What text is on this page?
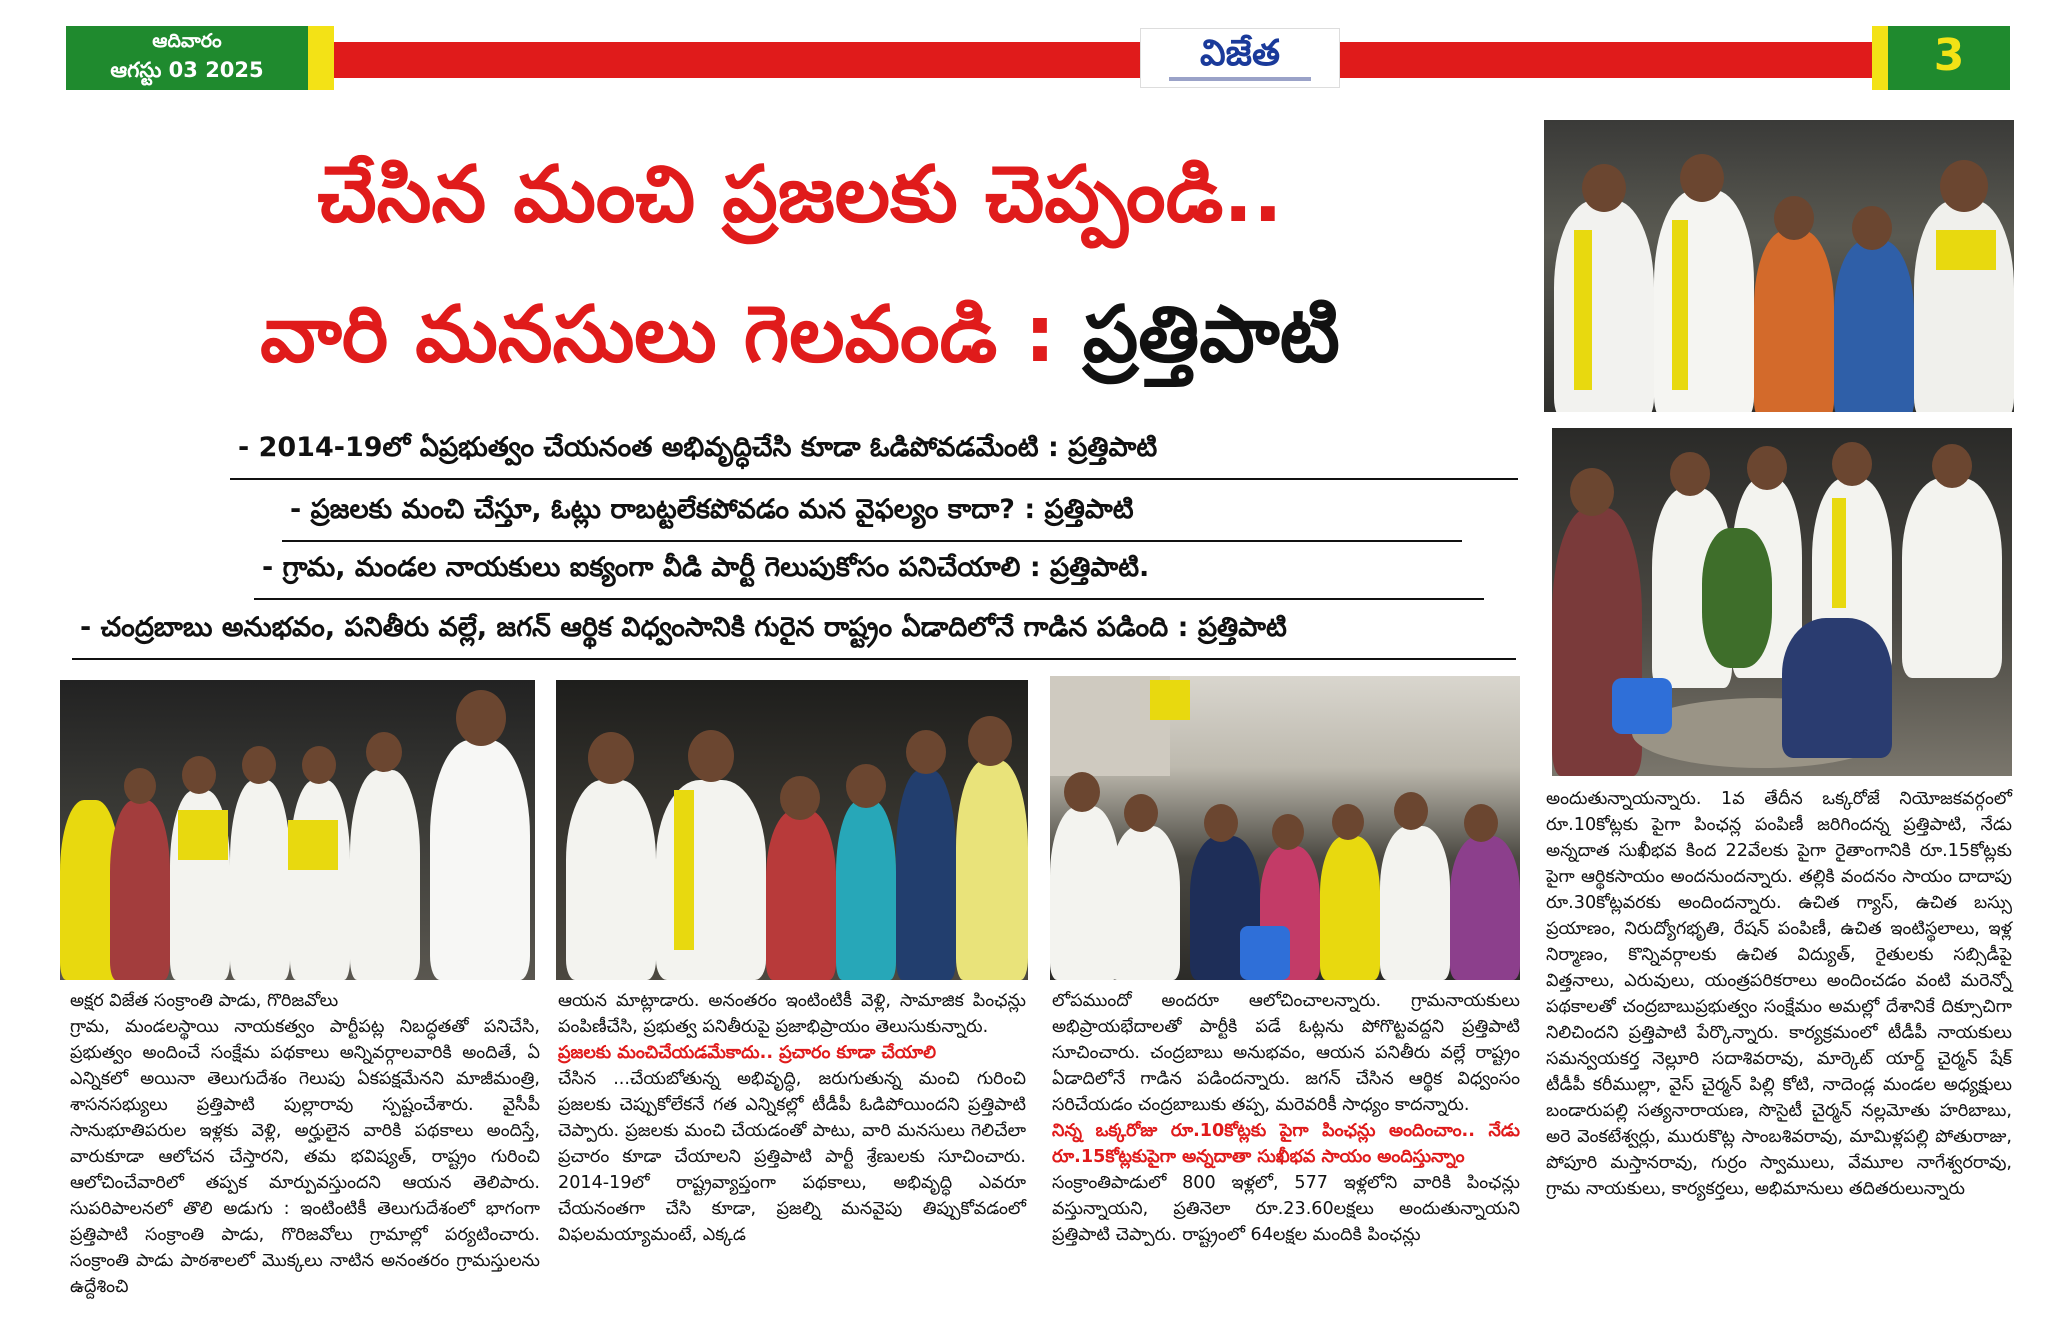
ఆదివారం
ఆగస్టు 03 2025	విజేత	3
చేసిన మంచి ప్రజలకు చెప్పండి..
వారి మనసులు గెలవండి : ప్రత్తిపాటి
- 2014-19లో ఏప్రభుత్వం చేయనంత అభివృద్ధిచేసి కూడా ఓడిపోవడమేంటి : ప్రత్తిపాటి
- ప్రజలకు మంచి చేస్తూ, ఓట్లు రాబట్టలేకపోవడం మన వైఫల్యం కాదా? : ప్రత్తిపాటి
- గ్రామ, మండల నాయకులు ఐక్యంగా వీడి పార్టీ గెలుపుకోసం పనిచేయాలి : ప్రత్తిపాటి.
- చంద్రబాబు అనుభవం, పనితీరు వల్లే, జగన్ ఆర్థిక విధ్వంసానికి గురైన రాష్ట్రం ఏడాదిలోనే గాడిన పడింది : ప్రత్తిపాటి

అక్షర విజేత సంక్రాంతి పాడు, గొరిజవోలు

గ్రామ, మండలస్థాయి నాయకత్వం పార్టీపట్ల నిబద్ధతతో పనిచేసి, ప్రభుత్వం అందించే సంక్షేమ పథకాలు అన్నివర్గాలవారికి అందితే, ఏ ఎన్నికలో అయినా తెలుగుదేశం గెలుపు ఏకపక్షమేనని మాజీమంత్రి, శాసనసభ్యులు ప్రత్తిపాటి పుల్లారావు స్పష్టంచేశారు. వైసీపీ సానుభూతిపరుల ఇళ్లకు వెళ్లి, అర్హులైన వారికి పథకాలు అందిస్తే, వారుకూడా ఆలోచన చేస్తారని, తమ భవిష్యత్, రాష్ట్రం గురించి ఆలోచించేవారిలో తప్పక మార్పువస్తుందని ఆయన తెలిపారు. సుపరిపాలనలో తొలి అడుగు : ఇంటింటికీ తెలుగుదేశంలో భాగంగా ప్రత్తిపాటి సంక్రాంతి పాడు, గొరిజవోలు గ్రామాల్లో పర్యటించారు. సంక్రాంతి పాడు పాఠశాలలో మొక్కలు నాటిన అనంతరం గ్రామస్తులను ఉద్దేశించి

ఆయన మాట్లాడారు. అనంతరం ఇంటింటికీ వెళ్లి, సామాజిక పింఛన్లు పంపిణీచేసి, ప్రభుత్వ పనితీరుపై ప్రజాభిప్రాయం తెలుసుకున్నారు.

ప్రజలకు మంచిచేయడమేకాదు.. ప్రచారం కూడా చేయాలి

చేసిన ...చేయబోతున్న అభివృద్ధి, జరుగుతున్న మంచి గురించి ప్రజలకు చెప్పుకోలేకనే గత ఎన్నికల్లో టీడీపీ ఓడిపోయిందని ప్రత్తిపాటి చెప్పారు. ప్రజలకు మంచి చేయడంతో పాటు, వారి మనసులు గెలిచేలా ప్రచారం కూడా చేయాలని ప్రత్తిపాటి పార్టీ శ్రేణులకు సూచించారు. 2014-19లో రాష్ట్రవ్యాప్తంగా పథకాలు, అభివృద్ధి ఎవరూ చేయనంతగా చేసి కూడా, ప్రజల్ని మనవైపు తిప్పుకోవడంలో విఫలమయ్యామంటే, ఎక్కడ

లోపముందో అందరూ ఆలోచించాలన్నారు. గ్రామనాయకులు అభిప్రాయభేదాలతో పార్టీకి పడే ఓట్లను పోగొట్టవద్దని ప్రత్తిపాటి సూచించారు. చంద్రబాబు అనుభవం, ఆయన పనితీరు వల్లే రాష్ట్రం ఏడాదిలోనే గాడిన పడిందన్నారు. జగన్ చేసిన ఆర్థిక విధ్వంసం సరిచేయడం చంద్రబాబుకు తప్ప, మరెవరికీ సాధ్యం కాదన్నారు.

నిన్న ఒక్కరోజు రూ.10కోట్లకు పైగా పింఛన్లు అందించాం.. నేడు రూ.15కోట్లకుపైగా అన్నదాతా సుఖీభవ సాయం అందిస్తున్నాం

సంక్రాంతిపాడులో 800 ఇళ్లలో, 577 ఇళ్లలోని వారికి పింఛన్లు వస్తున్నాయని, ప్రతినెలా రూ.23.60లక్షలు అందుతున్నాయని ప్రత్తిపాటి చెప్పారు. రాష్ట్రంలో 64లక్షల మందికి పింఛన్లు

అందుతున్నాయన్నారు. 1వ తేదీన ఒక్కరోజే నియోజకవర్గంలో రూ.10కోట్లకు పైగా పింఛన్ల పంపిణీ జరిగిందన్న ప్రత్తిపాటి, నేడు అన్నదాత సుఖీభవ కింద 22వేలకు పైగా రైతాంగానికి రూ.15కోట్లకు పైగా ఆర్థికసాయం అందనుందన్నారు. తల్లికి వందనం సాయం దాదాపు రూ.30కోట్లవరకు అందిందన్నారు. ఉచిత గ్యాస్, ఉచిత బస్సు ప్రయాణం, నిరుద్యోగభృతి, రేషన్ పంపిణీ, ఉచిత ఇంటిస్థలాలు, ఇళ్ల నిర్మాణం, కొన్నివర్గాలకు ఉచిత విద్యుత్, రైతులకు సబ్సిడీపై విత్తనాలు, ఎరువులు, యంత్రపరికరాలు అందించడం వంటి మరెన్నో పథకాలతో చంద్రబాబుప్రభుత్వం సంక్షేమం అమల్లో దేశానికే దిక్సూచిగా నిలిచిందని ప్రత్తిపాటి పేర్కొన్నారు. కార్యక్రమంలో టీడీపీ నాయకులు సమన్వయకర్త నెల్లూరి సదాశివరావు, మార్కెట్ యార్డ్ చైర్మన్ షేక్ టీడీపీ కరీముల్లా, వైస్ చైర్మన్ పిల్లి కోటి, నాదెండ్ల మండల అధ్యక్షులు బండారుపల్లి సత్యనారాయణ, సొసైటీ చైర్మన్ నల్లమోతు హరిబాబు, అరె వెంకటేశ్వర్లు, మురుకొట్ల సాంబశివరావు, మామిళ్లపల్లి పోతురాజు, పోపూరి మస్తానరావు, గుర్రం స్వాములు, వేమూల నాగేశ్వరరావు, గ్రామ నాయకులు, కార్యకర్తలు, అభిమానులు తదితరులున్నారు
